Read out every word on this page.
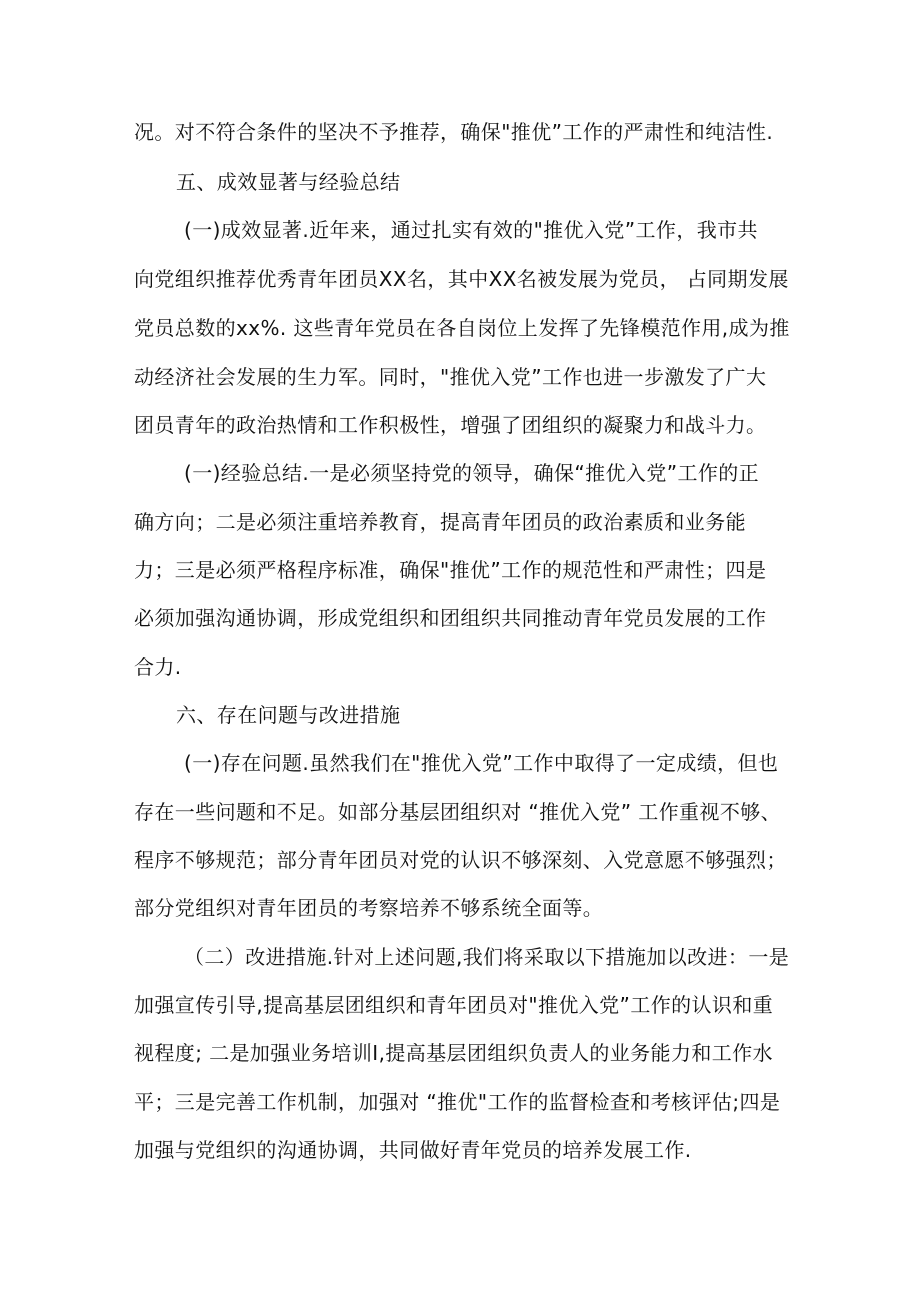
况。对不符合条件的坚决不予推荐，确保"推优”工作的严肃性和纯洁性.
五、成效显著与经验总结
(一)成效显著.近年来，通过扎实有效的"推优入党”工作，我市共
向党组织推荐优秀青年团员XX名，其中XX名被发展为党员， 占同期发展
党员总数的xx%. 这些青年党员在各自岗位上发挥了先锋模范作用,成为推
动经济社会发展的生力军。同时，"推优入党”工作也进一步激发了广大
团员青年的政治热情和工作积极性，增强了团组织的凝聚力和战斗力。
(一)经验总结.一是必须坚持党的领导，确保“推优入党”工作的正
确方向；二是必须注重培养教育，提高青年团员的政治素质和业务能
力；三是必须严格程序标准，确保"推优”工作的规范性和严肃性；四是
必须加强沟通协调，形成党组织和团组织共同推动青年党员发展的工作
合力.
六、存在问题与改进措施
(一)存在问题.虽然我们在"推优入党”工作中取得了一定成绩，但也
存在一些问题和不足。如部分基层团组织对 “推优入党” 工作重视不够、
程序不够规范；部分青年团员对党的认识不够深刻、入党意愿不够强烈；
部分党组织对青年团员的考察培养不够系统全面等。
（二）改进措施.针对上述问题,我们将采取以下措施加以改进：一是
加强宣传引导,提高基层团组织和青年团员对"推优入党”工作的认识和重
视程度; 二是加强业务培训I,提高基层团组织负责人的业务能力和工作水
平；三是完善工作机制，加强对 “推优"工作的监督检查和考核评估;四是
加强与党组织的沟通协调，共同做好青年党员的培养发展工作.
